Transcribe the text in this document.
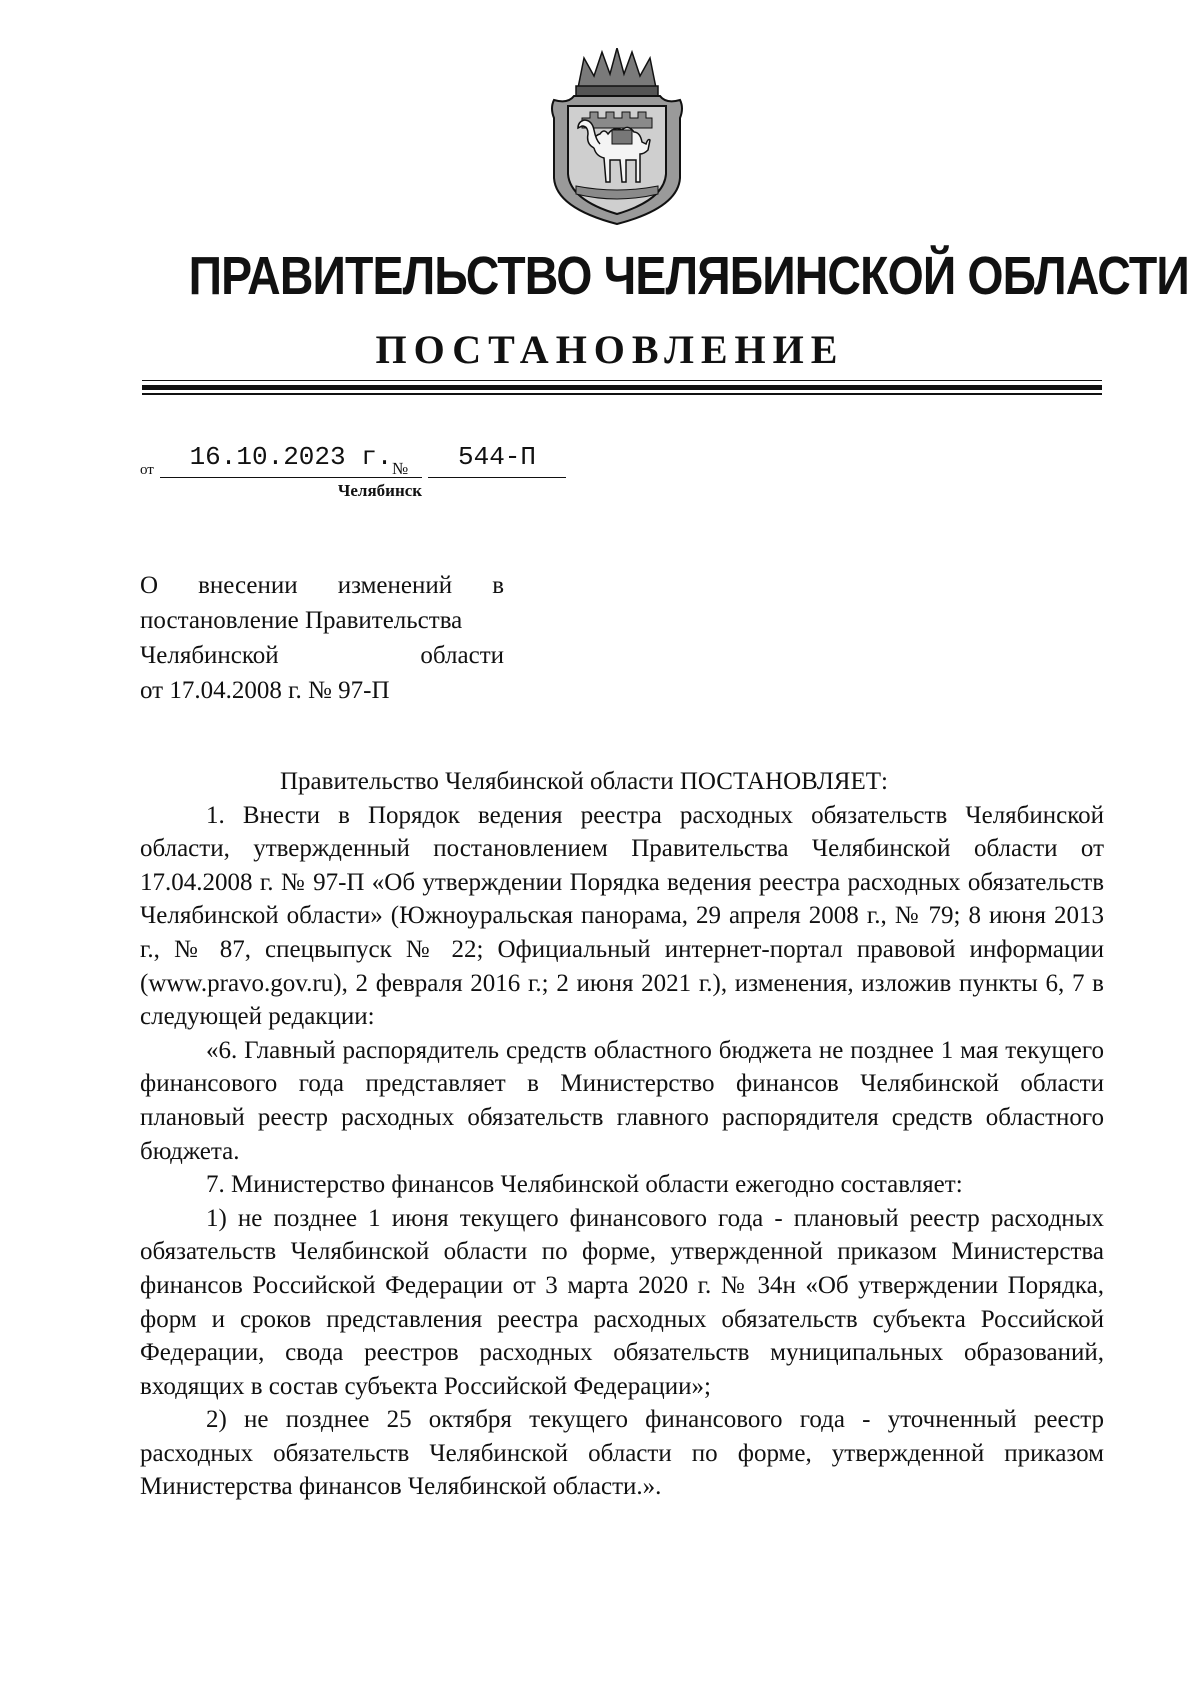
ПРАВИТЕЛЬСТВО ЧЕЛЯБИНСКОЙ ОБЛАСТИ
ПОСТАНОВЛЕНИЕ
от	16.10.2023 г. №	544-П
Челябинск
О внесении изменений в
постановление Правительства
Челябинской области
от 17.04.2008 г. № 97-П

Правительство Челябинской области ПОСТАНОВЛЯЕТ:

1. Внести в Порядок ведения реестра расходных обязательств Челябинской области, утвержденный постановлением Правительства Челябинской области от 17.04.2008 г. № 97-П «Об утверждении Порядка ведения реестра расходных обязательств Челябинской области» (Южноуральская панорама, 29 апреля 2008 г., № 79; 8 июня 2013 г., № 87, спецвыпуск № 22; Официальный интернет-портал правовой информации (www.pravo.gov.ru), 2 февраля 2016 г.; 2 июня 2021 г.), изменения, изложив пункты 6, 7 в следующей редакции:

«6. Главный распорядитель средств областного бюджета не позднее 1 мая текущего финансового года представляет в Министерство финансов Челябинской области плановый реестр расходных обязательств главного распорядителя средств областного бюджета.

7. Министерство финансов Челябинской области ежегодно составляет:

1) не позднее 1 июня текущего финансового года - плановый реестр расходных обязательств Челябинской области по форме, утвержденной приказом Министерства финансов Российской Федерации от 3 марта 2020 г. № 34н «Об утверждении Порядка, форм и сроков представления реестра расходных обязательств субъекта Российской Федерации, свода реестров расходных обязательств муниципальных образований, входящих в состав субъекта Российской Федерации»;

2) не позднее 25 октября текущего финансового года - уточненный реестр расходных обязательств Челябинской области по форме, утвержденной приказом Министерства финансов Челябинской области.».
